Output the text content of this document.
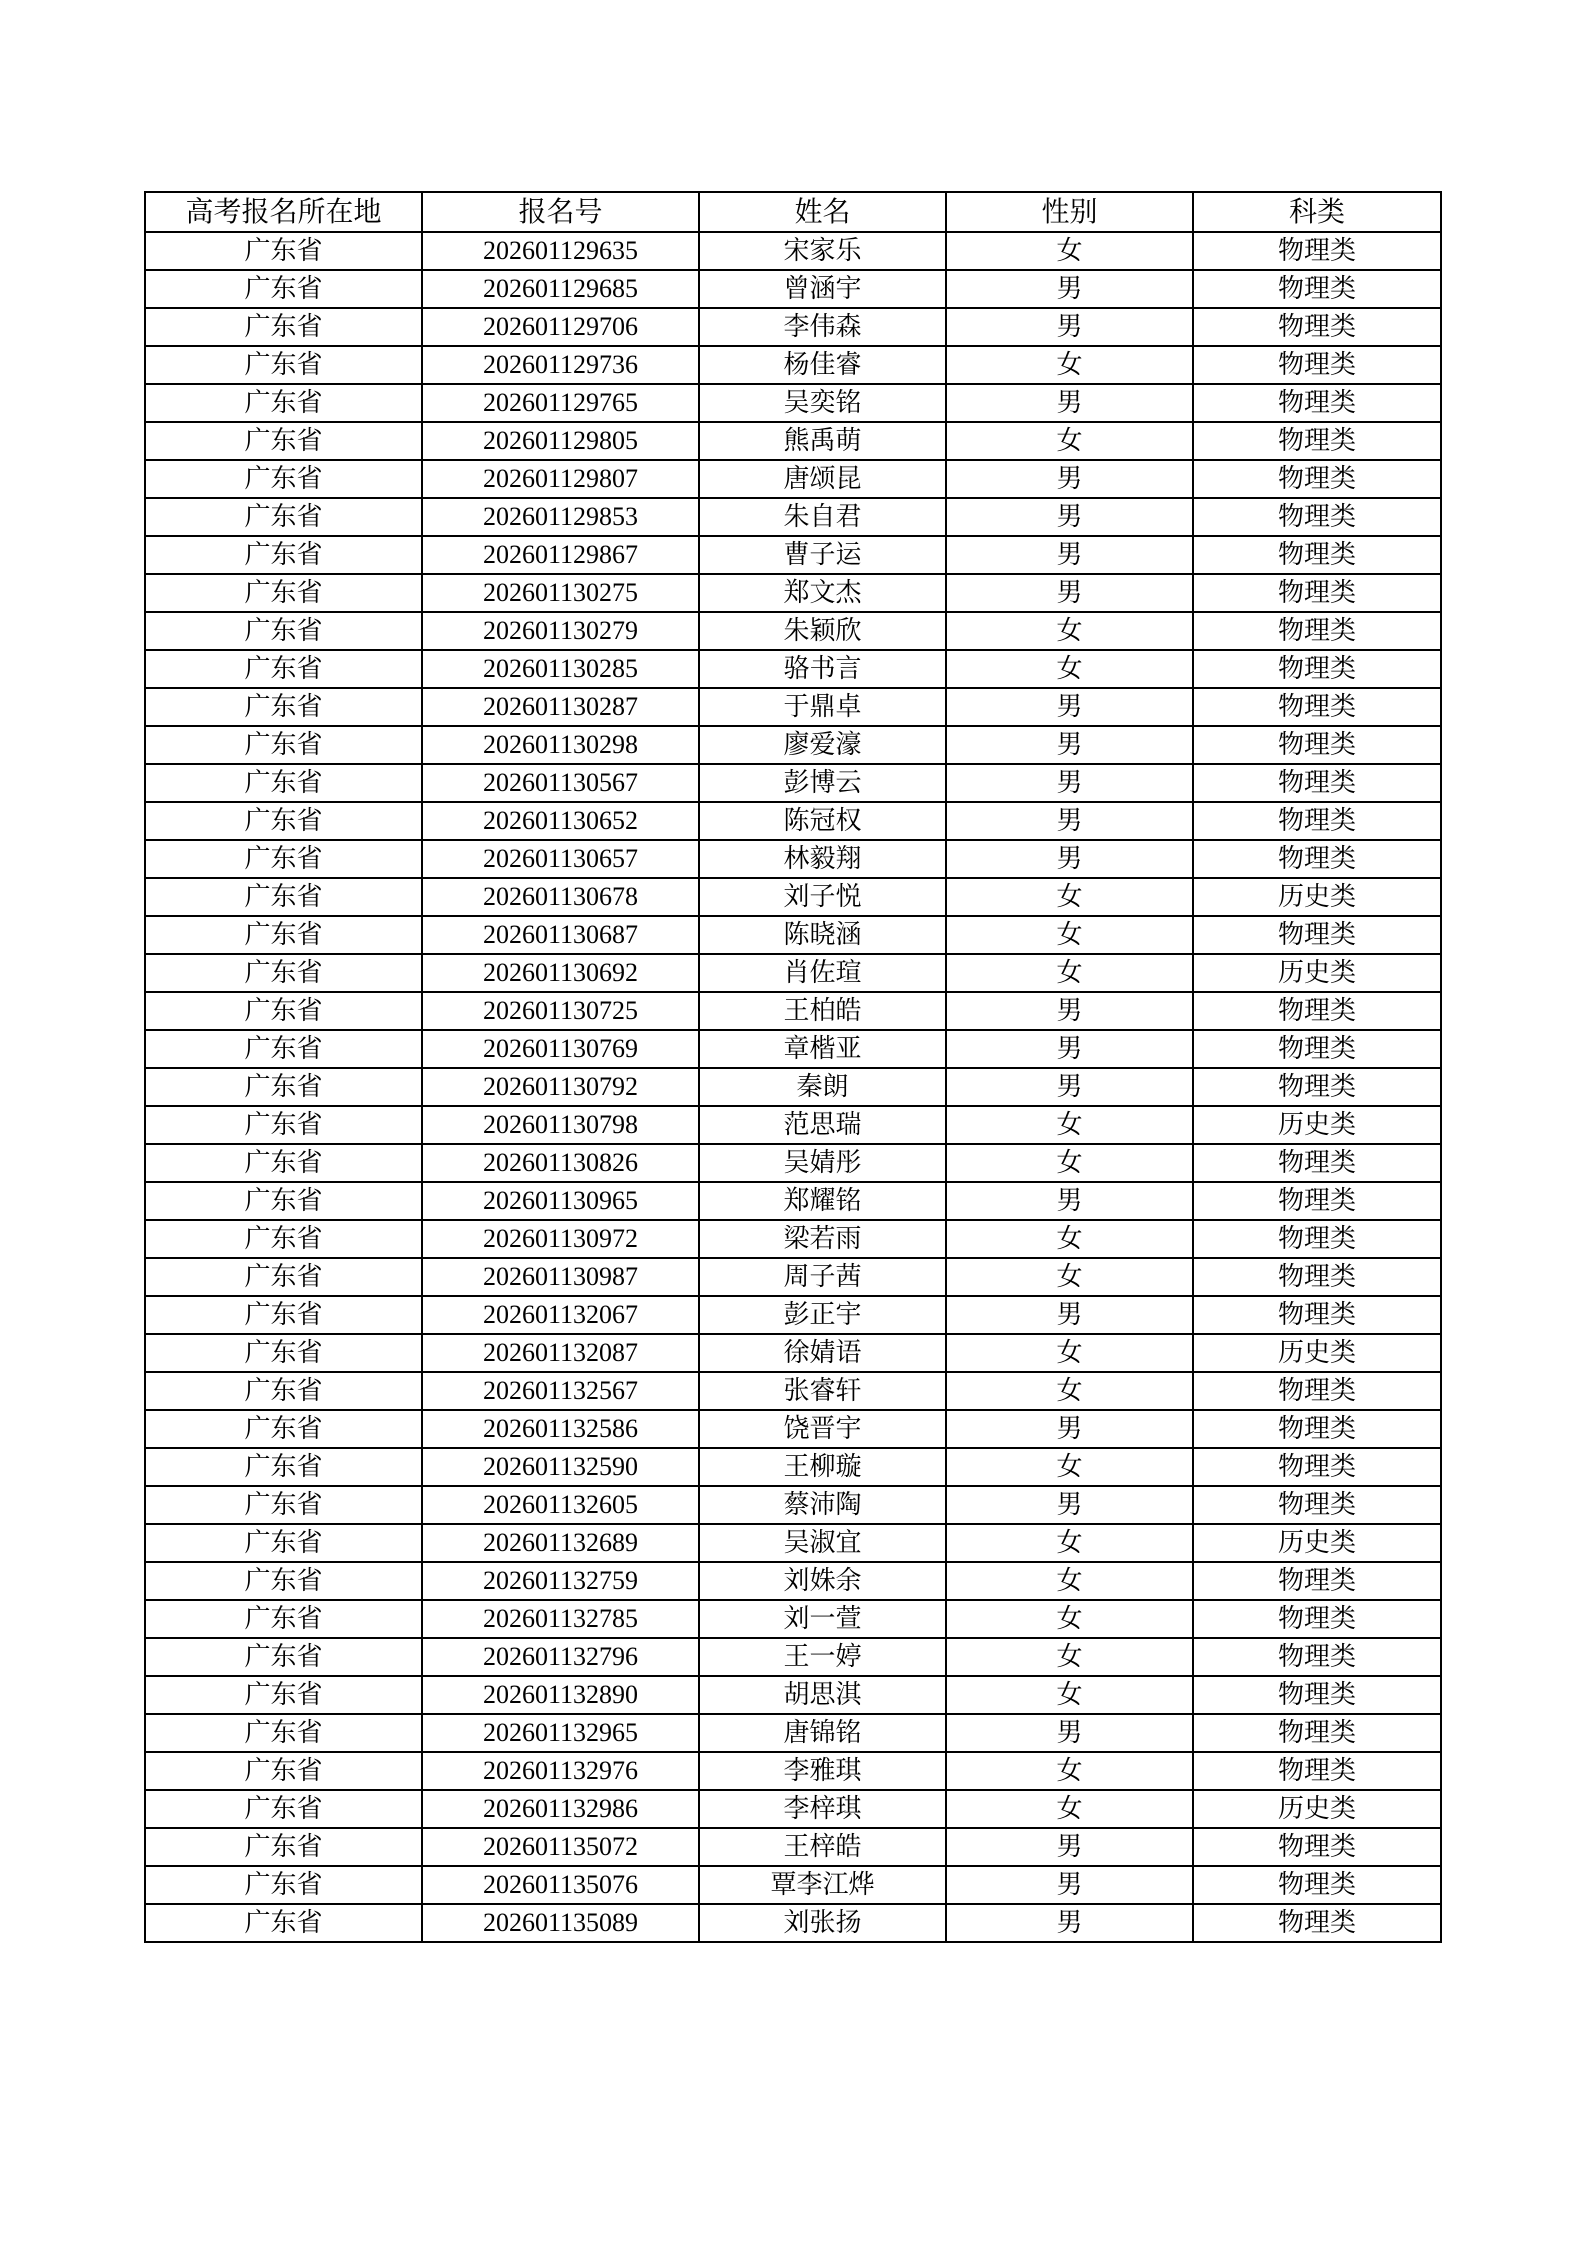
高考报名所在地	报名号	姓名	性别	科类
广东省	202601129635	宋家乐	女	物理类
广东省	202601129685	曾涵宇	男	物理类
广东省	202601129706	李伟森	男	物理类
广东省	202601129736	杨佳睿	女	物理类
广东省	202601129765	吴奕铭	男	物理类
广东省	202601129805	熊禹萌	女	物理类
广东省	202601129807	唐颂昆	男	物理类
广东省	202601129853	朱自君	男	物理类
广东省	202601129867	曹子运	男	物理类
广东省	202601130275	郑文杰	男	物理类
广东省	202601130279	朱颖欣	女	物理类
广东省	202601130285	骆书言	女	物理类
广东省	202601130287	于鼎卓	男	物理类
广东省	202601130298	廖爱濠	男	物理类
广东省	202601130567	彭博云	男	物理类
广东省	202601130652	陈冠权	男	物理类
广东省	202601130657	林毅翔	男	物理类
广东省	202601130678	刘子悦	女	历史类
广东省	202601130687	陈晓涵	女	物理类
广东省	202601130692	肖佐瑄	女	历史类
广东省	202601130725	王柏皓	男	物理类
广东省	202601130769	章楷亚	男	物理类
广东省	202601130792	秦朗	男	物理类
广东省	202601130798	范思瑞	女	历史类
广东省	202601130826	吴婧彤	女	物理类
广东省	202601130965	郑耀铭	男	物理类
广东省	202601130972	梁若雨	女	物理类
广东省	202601130987	周子茜	女	物理类
广东省	202601132067	彭正宇	男	物理类
广东省	202601132087	徐婧语	女	历史类
广东省	202601132567	张睿轩	女	物理类
广东省	202601132586	饶晋宇	男	物理类
广东省	202601132590	王柳璇	女	物理类
广东省	202601132605	蔡沛陶	男	物理类
广东省	202601132689	吴淑宜	女	历史类
广东省	202601132759	刘姝余	女	物理类
广东省	202601132785	刘一萱	女	物理类
广东省	202601132796	王一婷	女	物理类
广东省	202601132890	胡思淇	女	物理类
广东省	202601132965	唐锦铭	男	物理类
广东省	202601132976	李雅琪	女	物理类
广东省	202601132986	李梓琪	女	历史类
广东省	202601135072	王梓皓	男	物理类
广东省	202601135076	覃李江烨	男	物理类
广东省	202601135089	刘张扬	男	物理类
